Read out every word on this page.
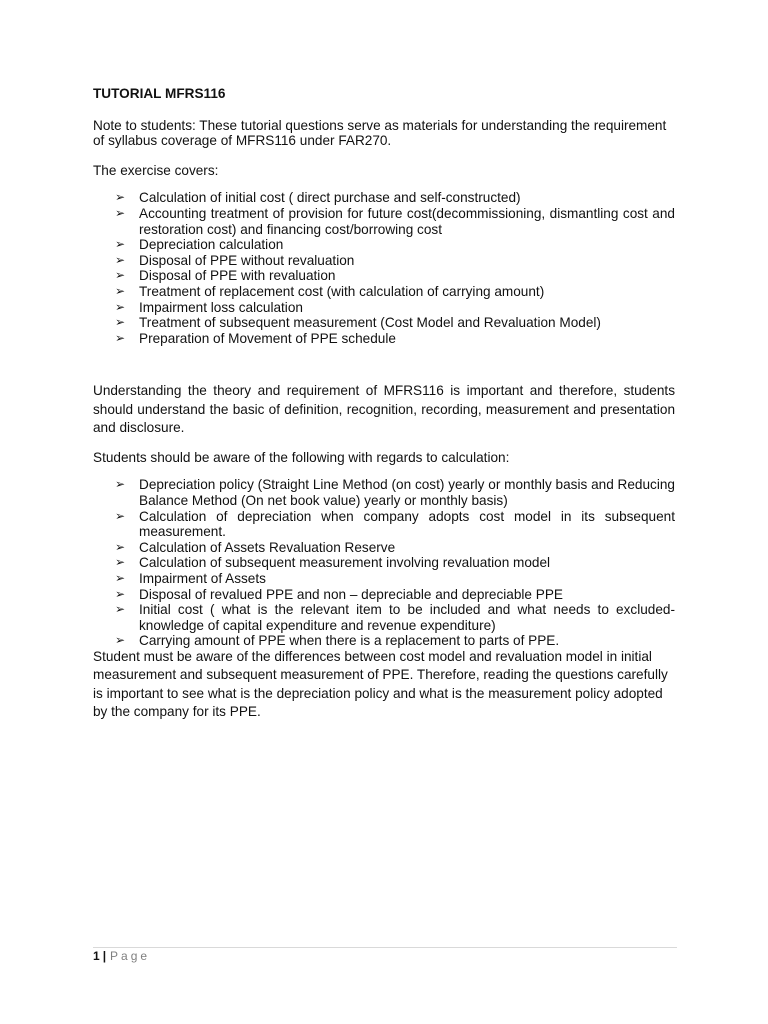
TUTORIAL MFRS116
Note to students: These tutorial questions serve as materials for understanding the requirement of syllabus coverage of MFRS116 under FAR270.
The exercise covers:
➢ Calculation of initial cost ( direct purchase and self-constructed)
➢ Accounting treatment of provision for future cost(decommissioning, dismantling cost and restoration cost) and financing cost/borrowing cost
➢ Depreciation calculation
➢ Disposal of PPE without revaluation
➢ Disposal of PPE with revaluation
➢ Treatment of replacement cost (with calculation of carrying amount)
➢ Impairment loss calculation
➢ Treatment of subsequent measurement (Cost Model and Revaluation Model)
➢ Preparation of Movement of PPE schedule
Understanding the theory and requirement of MFRS116 is important and therefore, students should understand the basic of definition, recognition, recording, measurement and presentation and disclosure.
Students should be aware of the following with regards to calculation:
➢ Depreciation policy (Straight Line Method (on cost) yearly or monthly basis and Reducing Balance Method (On net book value) yearly or monthly basis)
➢ Calculation of depreciation when company adopts cost model in its subsequent measurement.
➢ Calculation of Assets Revaluation Reserve
➢ Calculation of subsequent measurement involving revaluation model
➢ Impairment of Assets
➢ Disposal of revalued PPE and non – depreciable and depreciable PPE
➢ Initial cost ( what is the relevant item to be included and what needs to excluded-knowledge of capital expenditure and revenue expenditure)
➢ Carrying amount of PPE when there is a replacement to parts of PPE.
Student must be aware of the differences between cost model and revaluation model in initial measurement and subsequent measurement of PPE. Therefore, reading the questions carefully is important to see what is the depreciation policy and what is the measurement policy adopted by the company for its PPE.
1 | Page
